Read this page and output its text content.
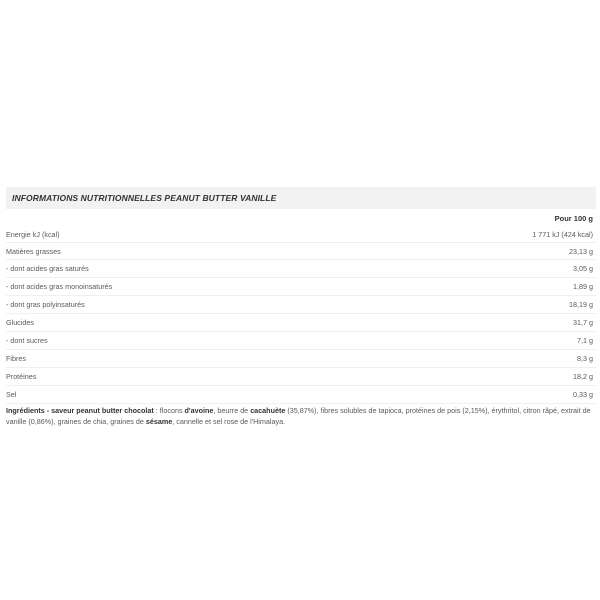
INFORMATIONS NUTRITIONNELLES PEANUT BUTTER VANILLE
Pour 100 g
Energie kJ (kcal)	1 771 kJ (424 kcal)
Matières grasses	23,13 g
- dont acides gras saturés	3,05 g
- dont acides gras monoinsaturés	1,89 g
- dont gras polyinsaturés	18,19 g
Glucides	31,7 g
- dont sucres	7,1 g
Fibres	8,3 g
Protéines	18,2 g
Sel	0,33 g
Ingrédients - saveur peanut butter chocolat : flocons d'avoine, beurre de cacahuète (35,87%), fibres solubles de tapioca, protéines de pois (2,15%), érythritol, citron râpé, extrait de vanille (0,86%), graines de chia, graines de sésame, cannelle et sel rose de l'Himalaya.
